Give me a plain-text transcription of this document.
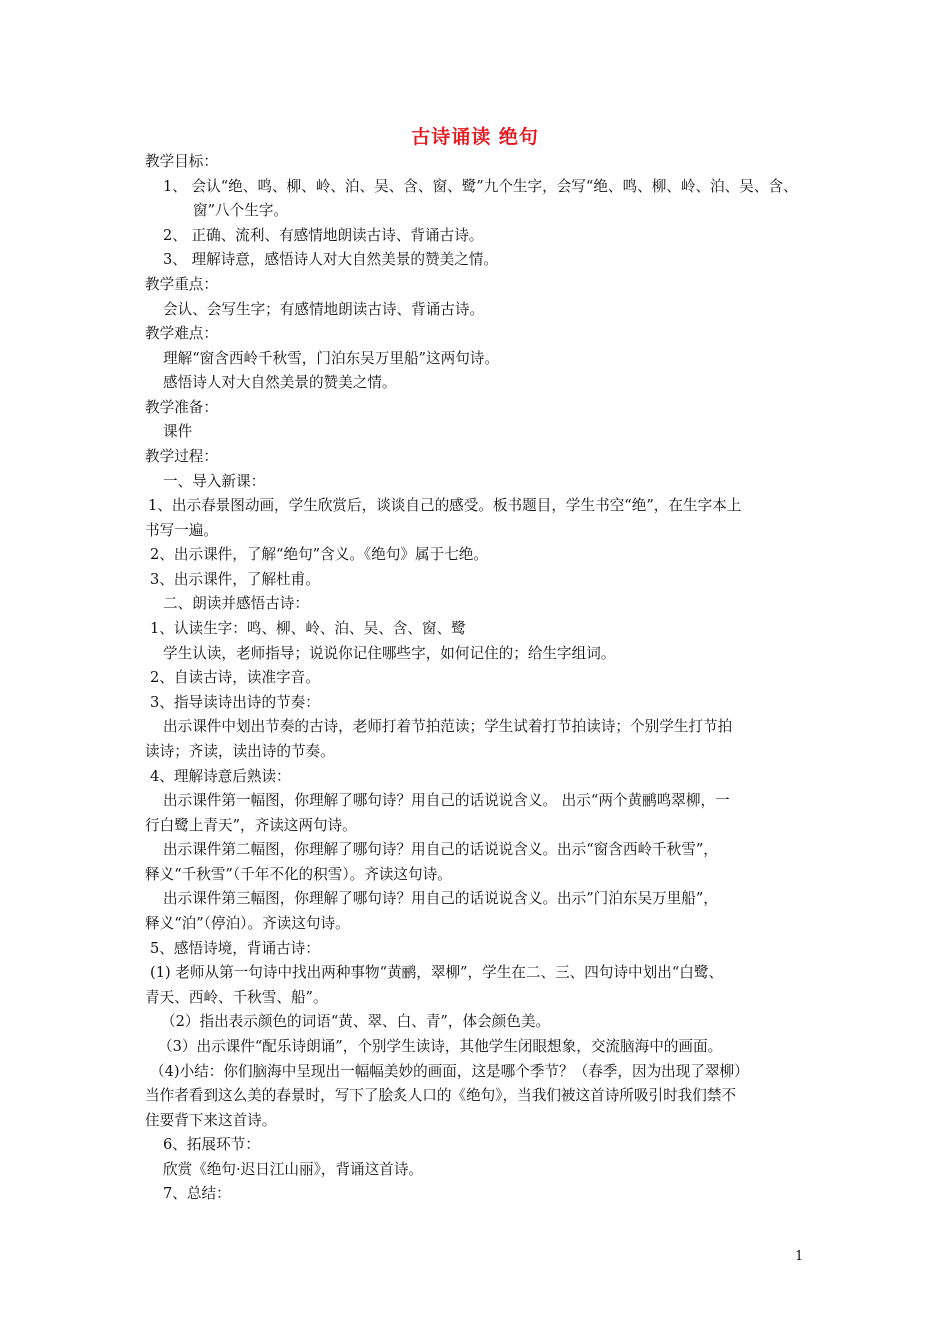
古诗诵读 绝句
教学目标：
1、 会认“绝、鸣、柳、岭、泊、吴、含、窗、鹭”九个生字，会写“绝、鸣、柳、岭、泊、吴、含、
窗”八个生字。
2、 正确、流利、有感情地朗读古诗、背诵古诗。
3、 理解诗意，感悟诗人对大自然美景的赞美之情。
教学重点：
会认、会写生字；有感情地朗读古诗、背诵古诗。
教学难点：
理解“窗含西岭千秋雪，门泊东吴万里船”这两句诗。
感悟诗人对大自然美景的赞美之情。
教学准备：
课件
教学过程：
一、导入新课：
1、出示春景图动画，学生欣赏后，谈谈自己的感受。板书题目，学生书空“绝”，在生字本上
书写一遍。
2、出示课件，了解“绝句”含义。《绝句》属于七绝。
3、出示课件，了解杜甫。
二、朗读并感悟古诗：
1、认读生字：鸣、柳、岭、泊、吴、含、窗、鹭
学生认读，老师指导；说说你记住哪些字，如何记住的；给生字组词。
2、自读古诗，读准字音。
3、指导读诗出诗的节奏：
出示课件中划出节奏的古诗，老师打着节拍范读；学生试着打节拍读诗；个别学生打节拍
读诗；齐读，读出诗的节奏。
4、理解诗意后熟读：
出示课件第一幅图，你理解了哪句诗？用自己的话说说含义。 出示“两个黄鹂鸣翠柳，一
行白鹭上青天”，齐读这两句诗。
出示课件第二幅图，你理解了哪句诗？用自己的话说说含义。出示“窗含西岭千秋雪”，
释义“千秋雪”（千年不化的积雪）。齐读这句诗。
出示课件第三幅图，你理解了哪句诗？用自己的话说说含义。出示”门泊东吴万里船”，
释义“泊”（停泊）。齐读这句诗。
5、感悟诗境，背诵古诗：
(1) 老师从第一句诗中找出两种事物“黄鹂，翠柳”，学生在二、三、四句诗中划出“白鹭、
青天、西岭、千秋雪、船”。
（2）指出表示颜色的词语“黄、翠、白、青”，体会颜色美。
（3）出示课件“配乐诗朗诵”，个别学生读诗，其他学生闭眼想象，交流脑海中的画面。
（4)小结：你们脑海中呈现出一幅幅美妙的画面，这是哪个季节？（春季，因为出现了翠柳）
当作者看到这么美的春景时，写下了脍炙人口的《绝句》，当我们被这首诗所吸引时我们禁不
住要背下来这首诗。
6、拓展环节：
欣赏《绝句·迟日江山丽》，背诵这首诗。
7、总结：
1
